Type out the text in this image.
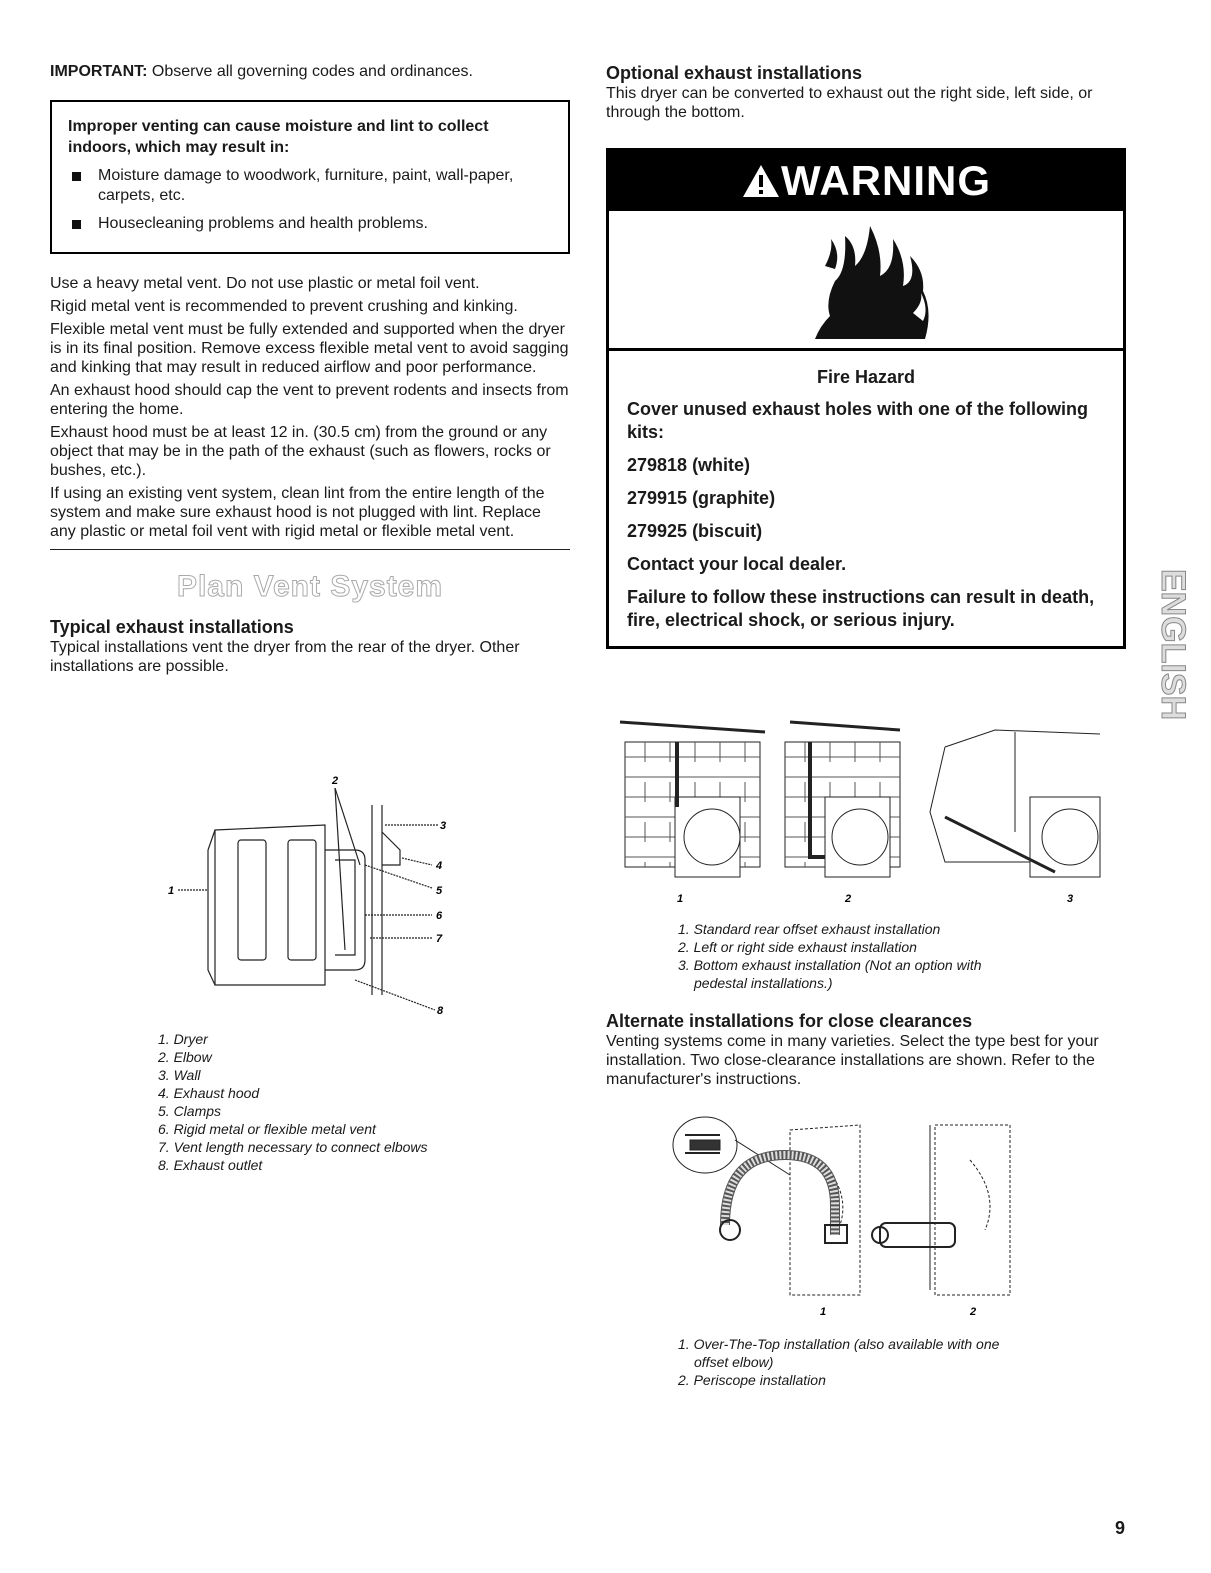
IMPORTANT: Observe all governing codes and ordinances.

Improper venting can cause moisture and lint to collect indoors, which may result in:

Moisture damage to woodwork, furniture, paint, wall-paper, carpets, etc.
Housecleaning problems and health problems.

Use a heavy metal vent. Do not use plastic or metal foil vent.

Rigid metal vent is recommended to prevent crushing and kinking.

Flexible metal vent must be fully extended and supported when the dryer is in its final position. Remove excess flexible metal vent to avoid sagging and kinking that may result in reduced airflow and poor performance.

An exhaust hood should cap the vent to prevent rodents and insects from entering the home.

Exhaust hood must be at least 12 in. (30.5 cm) from the ground or any object that may be in the path of the exhaust (such as flowers, rocks or bushes, etc.).

If using an existing vent system, clean lint from the entire length of the system and make sure exhaust hood is not plugged with lint. Replace any plastic or metal foil vent with rigid metal or flexible metal vent.

Plan Vent System
Typical exhaust installations

Typical installations vent the dryer from the rear of the dryer. Other installations are possible.

1
2
3
4
5
6
7
8
1. Dryer
2. Elbow
3. Wall
4. Exhaust hood
5. Clamps
6. Rigid metal or flexible metal vent
7. Vent length necessary to connect elbows
8. Exhaust outlet
Optional exhaust installations

This dryer can be converted to exhaust out the right side, left side, or through the bottom.

WARNING

Fire Hazard

Cover unused exhaust holes with one of the following kits:

279818 (white)

279915 (graphite)

279925 (biscuit)

Contact your local dealer.

Failure to follow these instructions can result in death, fire, electrical shock, or serious injury.

1	2	3
1. Standard rear offset exhaust installation
2. Left or right side exhaust installation
3. Bottom exhaust installation (Not an option with
pedestal installations.)
Alternate installations for close clearances

Venting systems come in many varieties. Select the type best for your installation. Two close-clearance installations are shown. Refer to the manufacturer's instructions.

1	2
1. Over-The-Top installation (also available with one
offset elbow)
2. Periscope installation
ENGLISH
9
